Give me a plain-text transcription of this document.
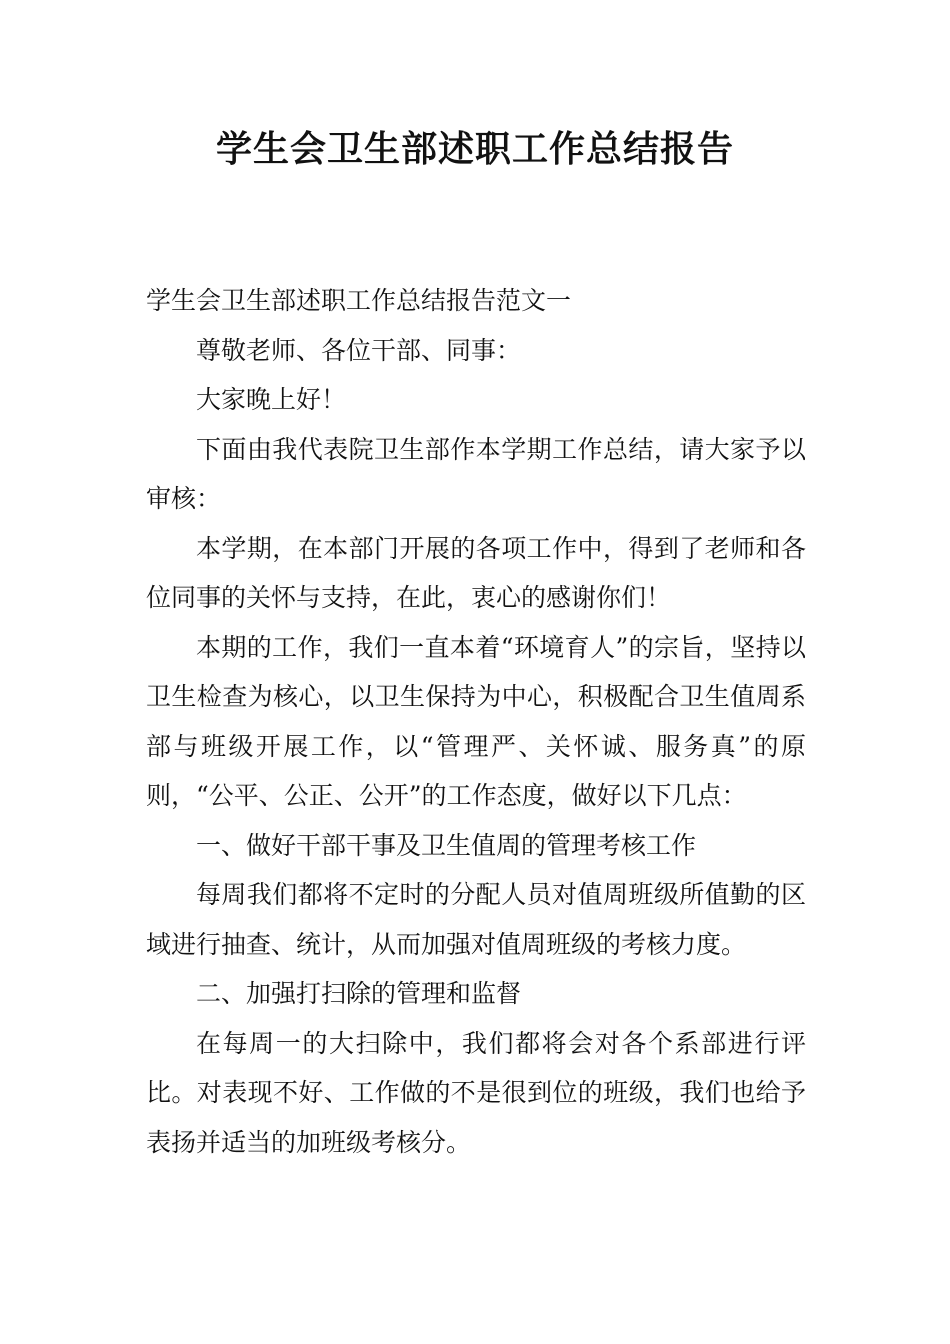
学生会卫生部述职工作总结报告

学生会卫生部述职工作总结报告范文一

尊敬老师、各位干部、同事：

大家晚上好！

下面由我代表院卫生部作本学期工作总结，请大家予以审核：

本学期，在本部门开展的各项工作中，得到了老师和各位同事的关怀与支持，在此，衷心的感谢你们！

本期的工作，我们一直本着“环境育人”的宗旨，坚持以卫生检查为核心，以卫生保持为中心，积极配合卫生值周系部与班级开展工作，以“管理严、关怀诚、服务真”的原则，“公平、公正、公开”的工作态度，做好以下几点：

一、做好干部干事及卫生值周的管理考核工作

每周我们都将不定时的分配人员对值周班级所值勤的区域进行抽查、统计，从而加强对值周班级的考核力度。

二、加强打扫除的管理和监督

在每周一的大扫除中，我们都将会对各个系部进行评比。对表现不好、工作做的不是很到位的班级，我们也给予表扬并适当的加班级考核分。
